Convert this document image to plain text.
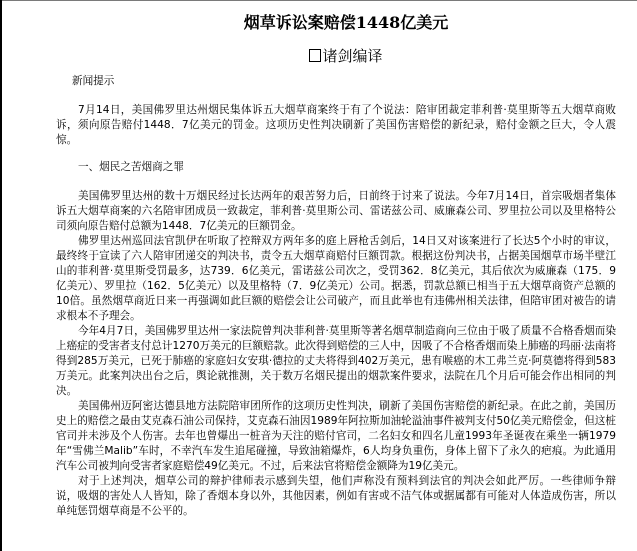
烟草诉讼案赔偿1448亿美元
诸剑编译

新闻提示

7月14日，美国佛罗里达州烟民集体诉五大烟草商案终于有了个说法：陪审团裁定菲利普·莫里斯等五大烟草商败诉，须向原告赔付1448．7亿美元的罚金。这项历史性判决刷新了美国伤害赔偿的新纪录，赔付金额之巨大，令人震惊。

一、烟民之苦烟商之罪

美国佛罗里达州的数十万烟民经过长达两年的艰苦努力后，日前终于讨来了说法。今年7月14日，首宗吸烟者集体诉五大烟草商案的六名陪审团成员一致裁定，菲利普·莫里斯公司、雷诺兹公司、威廉森公司、罗里拉公司以及里格特公司须向原告赔付总额为1448．7亿美元的巨额罚金。

佛罗里达州巡回法官凯伊在听取了控辩双方两年多的庭上唇枪舌剑后，14日又对该案进行了长达5个小时的审议，最终终于宣读了六人陪审团递交的判决书，责令五大烟草商赔付巨额罚款。根据这份判决书，占据美国烟草市场半壁江山的菲利普·莫里斯受罚最多，达739．6亿美元，雷诺兹公司次之，受罚362．8亿美元，其后依次为威廉森（175．9亿美元）、罗里拉（162．5亿美元）以及里格特（7．9亿美元）公司。据悉，罚款总额已相当于五大烟草商资产总额的10倍。虽然烟草商近日来一再强调如此巨额的赔偿会让公司破产，而且此举也有违佛州相关法律，但陪审团对被告的请求根本不予理会。

今年4月7日，美国佛罗里达州一家法院曾判决菲利普·莫里斯等著名烟草制造商向三位由于吸了质量不合格香烟而染上癌症的受害者支付总计1270万美元的巨额赔款。此次得到赔偿的三人中，因吸了不合格香烟而染上肺癌的玛丽·法南将得到285万美元，已死于肺癌的家庭妇女安琪·德拉的丈夫将得到402万美元，患有喉癌的木工弗兰克·阿莫德将得到583万美元。此案判决出台之后，舆论就推测，关于数万名烟民提出的烟款案件要求，法院在几个月后可能会作出相同的判决。

美国佛州迈阿密达德县地方法院陪审团所作的这项历史性判决，刷新了美国伤害赔偿的新纪录。在此之前，美国历史上的赔偿之最由艾克森石油公司保持，艾克森石油因1989年阿拉斯加油轮溢油事件被判支付50亿美元赔偿金，但这桩官司并未涉及个人伤害。去年也曾爆出一桩音为天注的赔付官司，二名妇女和四名儿童1993年圣诞夜在乘坐一辆1979年“雪佛兰Malib”车时，不幸汽车发生追尾碰撞，导致油箱爆炸，6人均身负重伤，身体上留下了永久的疤痕。为此通用汽车公司被判向受害者家庭赔偿49亿美元。不过，后来法官将赔偿金额降为19亿美元。

对于上述判决，烟草公司的辩护律师表示感到失望，他们声称没有预料到法官的判决会如此严厉。一些律师争辩说，吸烟的害处人人皆知，除了香烟本身以外，其他因素，例如有害或不洁气体或据属都有可能对人体造成伤害，所以单纯惩罚烟草商是不公平的。
